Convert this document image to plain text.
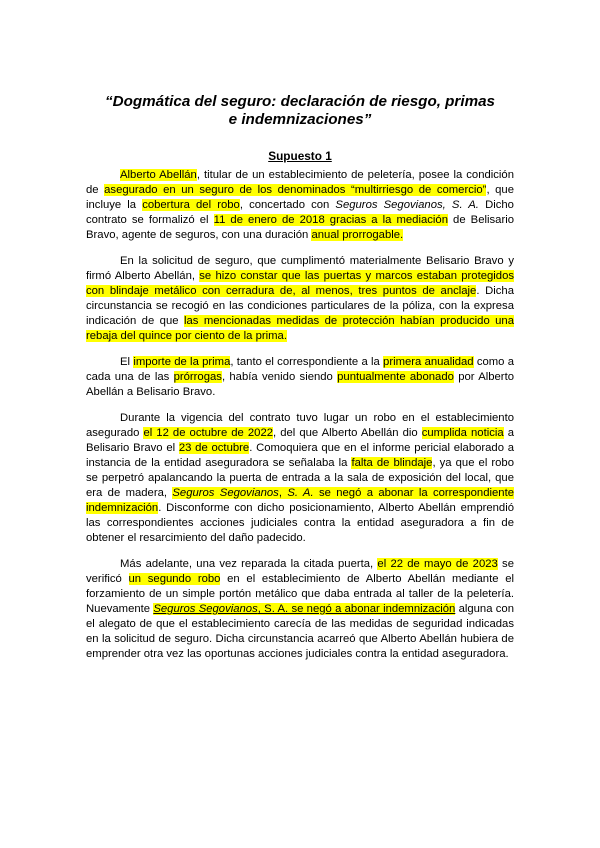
“Dogmática del seguro: declaración de riesgo, primas e indemnizaciones”
Supuesto 1

Alberto Abellán, titular de un establecimiento de peletería, posee la condición de asegurado en un seguro de los denominados “multirriesgo de comercio”, que incluye la cobertura del robo, concertado con Seguros Segovianos, S. A. Dicho contrato se formalizó el 11 de enero de 2018 gracias a la mediación de Belisario Bravo, agente de seguros, con una duración anual prorrogable.

En la solicitud de seguro, que cumplimentó materialmente Belisario Bravo y firmó Alberto Abellán, se hizo constar que las puertas y marcos estaban protegidos con blindaje metálico con cerradura de, al menos, tres puntos de anclaje. Dicha circunstancia se recogió en las condiciones particulares de la póliza, con la expresa indicación de que las mencionadas medidas de protección habían producido una rebaja del quince por ciento de la prima.

El importe de la prima, tanto el correspondiente a la primera anualidad como a cada una de las prórrogas, había venido siendo puntualmente abonado por Alberto Abellán a Belisario Bravo.

Durante la vigencia del contrato tuvo lugar un robo en el establecimiento asegurado el 12 de octubre de 2022, del que Alberto Abellán dio cumplida noticia a Belisario Bravo el 23 de octubre. Comoquiera que en el informe pericial elaborado a instancia de la entidad aseguradora se señalaba la falta de blindaje, ya que el robo se perpetró apalancando la puerta de entrada a la sala de exposición del local, que era de madera, Seguros Segovianos, S. A. se negó a abonar la correspondiente indemnización. Disconforme con dicho posicionamiento, Alberto Abellán emprendió las correspondientes acciones judiciales contra la entidad aseguradora a fin de obtener el resarcimiento del daño padecido.

Más adelante, una vez reparada la citada puerta, el 22 de mayo de 2023 se verificó un segundo robo en el establecimiento de Alberto Abellán mediante el forzamiento de un simple portón metálico que daba entrada al taller de la peletería. Nuevamente Seguros Segovianos, S. A. se negó a abonar indemnización alguna con el alegato de que el establecimiento carecía de las medidas de seguridad indicadas en la solicitud de seguro. Dicha circunstancia acarreó que Alberto Abellán hubiera de emprender otra vez las oportunas acciones judiciales contra la entidad aseguradora.
